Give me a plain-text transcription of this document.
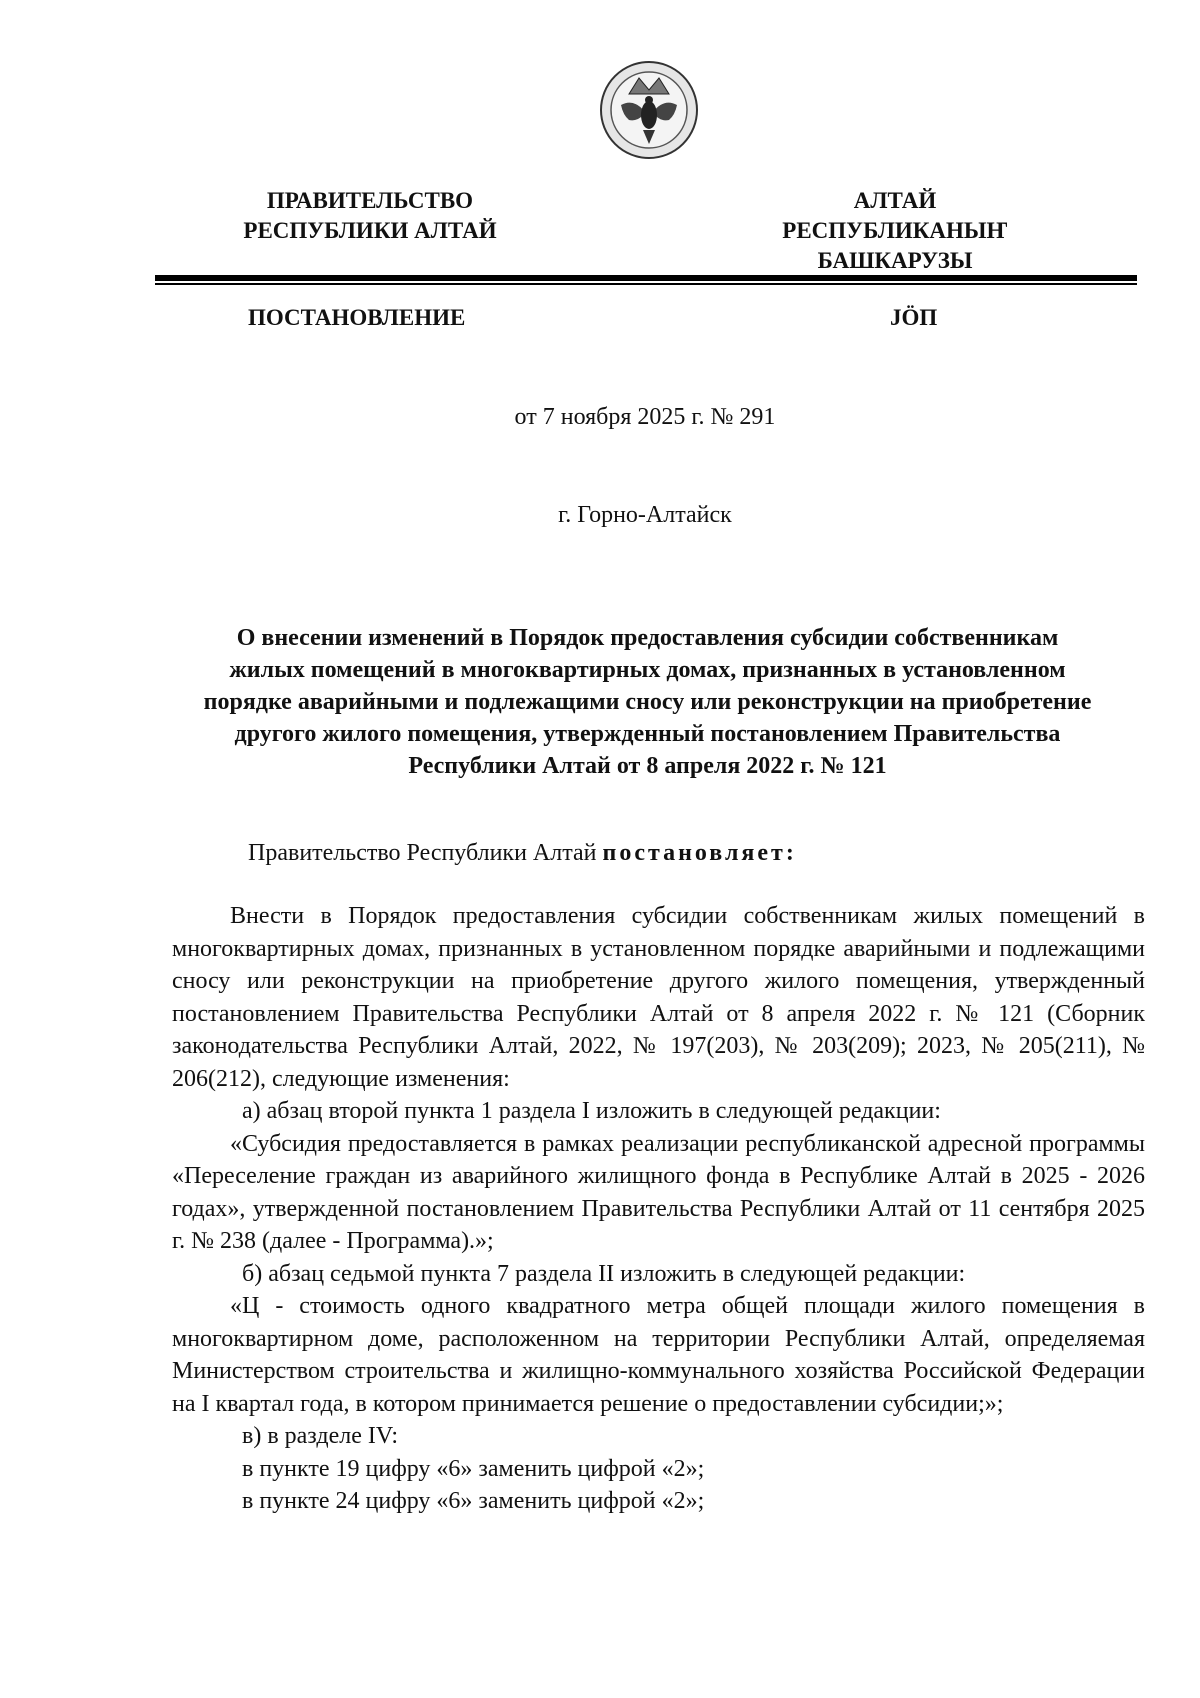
ПРАВИТЕЛЬСТВО
РЕСПУБЛИКИ АЛТАЙ
АЛТАЙ РЕСПУБЛИКАНЫҤ
БАШКАРУЗЫ
ПОСТАНОВЛЕНИЕ	JӦП
от 7 ноября 2025 г. № 291
г. Горно-Алтайск
О внесении изменений в Порядок предоставления субсидии собственникам
жилых помещений в многоквартирных домах, признанных в установленном
порядке аварийными и подлежащими сносу или реконструкции на приобретение
другого жилого помещения, утвержденный постановлением Правительства
Республики Алтай от 8 апреля 2022 г. № 121
Правительство Республики Алтай постановляет:

Внести в Порядок предоставления субсидии собственникам жилых помещений в многоквартирных домах, признанных в установленном порядке аварийными и подлежащими сносу или реконструкции на приобретение другого жилого помещения, утвержденный постановлением Правительства Республики Алтай от 8 апреля 2022 г. № 121 (Сборник законодательства Республики Алтай, 2022, № 197(203), № 203(209); 2023, № 205(211), № 206(212), следующие изменения:

а) абзац второй пункта 1 раздела I изложить в следующей редакции:

«Субсидия предоставляется в рамках реализации республиканской адресной программы «Переселение граждан из аварийного жилищного фонда в Республике Алтай в 2025 - 2026 годах», утвержденной постановлением Правительства Республики Алтай от 11 сентября 2025 г. № 238 (далее - Программа).»;

б) абзац седьмой пункта 7 раздела II изложить в следующей редакции:

«Ц - стоимость одного квадратного метра общей площади жилого помещения в многоквартирном доме, расположенном на территории Республики Алтай, определяемая Министерством строительства и жилищно-коммунального хозяйства Российской Федерации на I квартал года, в котором принимается решение о предоставлении субсидии;»;

в) в разделе IV:

в пункте 19 цифру «6» заменить цифрой «2»;

в пункте 24 цифру «6» заменить цифрой «2»;
